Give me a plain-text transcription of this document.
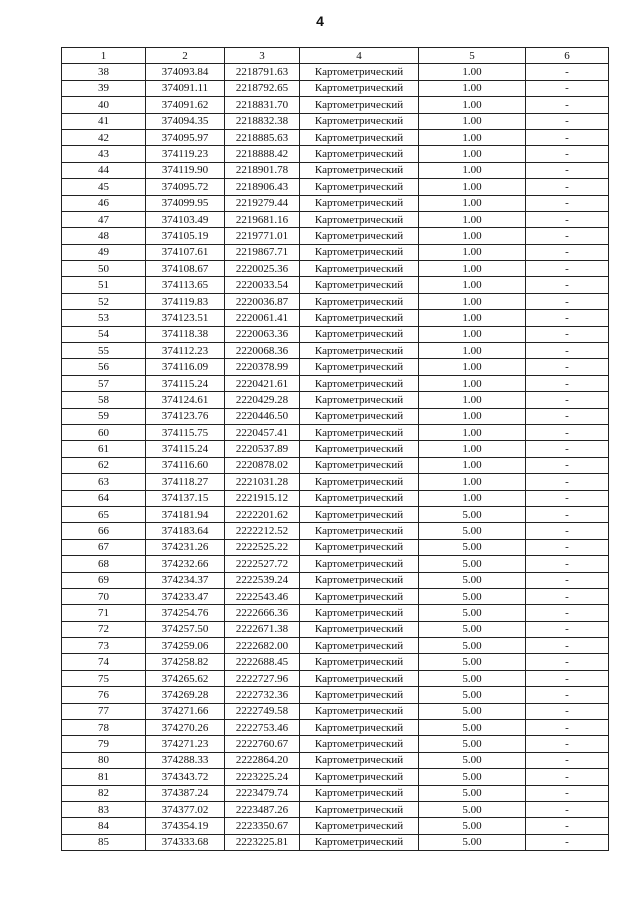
4
1	2	3	4	5	6
38	374093.84	2218791.63	Картометрический	1.00	-
39	374091.11	2218792.65	Картометрический	1.00	-
40	374091.62	2218831.70	Картометрический	1.00	-
41	374094.35	2218832.38	Картометрический	1.00	-
42	374095.97	2218885.63	Картометрический	1.00	-
43	374119.23	2218888.42	Картометрический	1.00	-
44	374119.90	2218901.78	Картометрический	1.00	-
45	374095.72	2218906.43	Картометрический	1.00	-
46	374099.95	2219279.44	Картометрический	1.00	-
47	374103.49	2219681.16	Картометрический	1.00	-
48	374105.19	2219771.01	Картометрический	1.00	-
49	374107.61	2219867.71	Картометрический	1.00	-
50	374108.67	2220025.36	Картометрический	1.00	-
51	374113.65	2220033.54	Картометрический	1.00	-
52	374119.83	2220036.87	Картометрический	1.00	-
53	374123.51	2220061.41	Картометрический	1.00	-
54	374118.38	2220063.36	Картометрический	1.00	-
55	374112.23	2220068.36	Картометрический	1.00	-
56	374116.09	2220378.99	Картометрический	1.00	-
57	374115.24	2220421.61	Картометрический	1.00	-
58	374124.61	2220429.28	Картометрический	1.00	-
59	374123.76	2220446.50	Картометрический	1.00	-
60	374115.75	2220457.41	Картометрический	1.00	-
61	374115.24	2220537.89	Картометрический	1.00	-
62	374116.60	2220878.02	Картометрический	1.00	-
63	374118.27	2221031.28	Картометрический	1.00	-
64	374137.15	2221915.12	Картометрический	1.00	-
65	374181.94	2222201.62	Картометрический	5.00	-
66	374183.64	2222212.52	Картометрический	5.00	-
67	374231.26	2222525.22	Картометрический	5.00	-
68	374232.66	2222527.72	Картометрический	5.00	-
69	374234.37	2222539.24	Картометрический	5.00	-
70	374233.47	2222543.46	Картометрический	5.00	-
71	374254.76	2222666.36	Картометрический	5.00	-
72	374257.50	2222671.38	Картометрический	5.00	-
73	374259.06	2222682.00	Картометрический	5.00	-
74	374258.82	2222688.45	Картометрический	5.00	-
75	374265.62	2222727.96	Картометрический	5.00	-
76	374269.28	2222732.36	Картометрический	5.00	-
77	374271.66	2222749.58	Картометрический	5.00	-
78	374270.26	2222753.46	Картометрический	5.00	-
79	374271.23	2222760.67	Картометрический	5.00	-
80	374288.33	2222864.20	Картометрический	5.00	-
81	374343.72	2223225.24	Картометрический	5.00	-
82	374387.24	2223479.74	Картометрический	5.00	-
83	374377.02	2223487.26	Картометрический	5.00	-
84	374354.19	2223350.67	Картометрический	5.00	-
85	374333.68	2223225.81	Картометрический	5.00	-
